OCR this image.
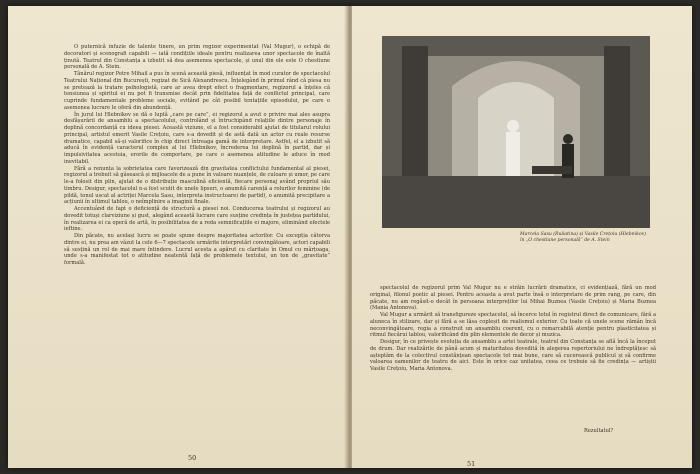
O puternică infuzie de talente tinere, un prim regizor experimentat (Val Mugur), o echipă de decoratori și scenografi capabili — iată condițiile ideale pentru realizarea unor spectacole de înaltă ținută. Teatrul din Constanța a izbutit să dea asemenea spectacole, și unul din ele este O chestiune personală de A. Stein.

Tânărul regizor Petre Mihail a pus în scenă această piesă, influențat în mod curator de spectacolul Teatrului Național din București, regizat de Sică Alexandrescu. Înțelegând în primul rând că piesa nu se pretează la tratare psihologistă, care ar avea drept efect o fragmentare, regizorul a înțeles că tensiunea și spiritul ei nu pot fi transmise decât prin fidelitatea față de conflictul principal, care cuprinde fundamentale probleme sociale, evitând pe cât posibil tentațiile episodului, pe care o asemenea lucrare le oferă din abundență.

În jurul lui Hlebnikov se dă o luptă „care pe care”, ei regizorul a avut o privire mai ales asupra desfășurării de ansamblu a spectacolului, controlând și întruchipând relațiile dintre personaje în deplină concordanță cu ideea piesei. Această viziune, el a fost considerabil ajutat de titularul rolului principal, artistul emerit Vasile Crețoiu, care s-a dovedit și de astă dată un actor cu reale resurse dramatice, capabil să-și valorifice în chip direct întreaga gamă de interpretare. Astfel, el a izbutit să aducă în evidență caracterul complex al lui Hlebnikov, încrederea lui deplină în partid, dar și impulsivitatea acestuia, erorile de comportare, pe care o asemenea atitudine le aduce în mod inevitabil.

Fără a renunța la sobrietatea care favorizează din gravitatea conflictului fundamental al piesei, regizorul a trebuit să găsească și mijloacele de a pune în valoare nuanțele, de culoare și umor, pe care le-a folosit din plin, ajutat de o distribuție masculină eficientă, fiecare personaj având propriul său timbru. Desigur, spectacolul n-a fost scutit de unele lipsuri, o anumită carență a rolurilor feminine (de pildă, tonul uscat al actriței Marcela Sasu, interpreta instructoarei de partid), o anumită precipitare a acțiunii în ultimul tablou, o neîmplinire a imaginii finale.

Accentuând de fapt o deficiență de structură a piesei noi. Conducerea teatrului și regizorul au dovedit totuși clarviziune și gust, alegând această lucrare care susține credința în justețea partidului, în realizarea ei ca operă de artă, în posibilitatea de a reda semnificațiile ei majore, eliminând efectele ieftine.

Din păcate, nu același lucru se poate spune despre majoritatea actorilor. Cu excepția câtorva dintre ei, nu prea am văzut la cele 6—7 spectacole urmărite interpretări convingătoare, actori capabili să susțină un rol de mai mare întindere. Lucrul acesta a apărut cu claritate în Omul cu mârțoaga, unde s-a manifestat tot o atitudine neatentă față de problemele textului, un ton de „gravitate” formală.

50
Marcela Sasu (Ruliatina) și Vasile Crețoiu (Hlebnikov) în „O chestiune personală” de A. Stein

spectacolul de regizorul prim Val Mugur nu e străin lucrării dramatice, ci evidențiază, fără un mod original, filonul poetic al piesei. Pentru aceasta a avut parte însă o interpretare de prim rang, pe care, din păcate, nu am regăsit-o decât în persoana interpreților lui Mihai Buznea (Vasile Crețoiu) și Maria Buznea (Mania Antonova).

Val Mugur a urmărit să transfigureze spectacolul, să încerce totul în registrul direct de comunicare, fără a aluneca în stilizare, dar și fără a se lăsa copleșit de realismul exterior. Cu toate că unele scene rămân încă neconvingătoare, regia a construit un ansamblu coerent, cu o remarcabilă atenție pentru plasticitatea și ritmul fiecărui tablou, valorificând din plin elementele de decor și muzica.

Desigur, în ce privește evoluția de ansamblu a artei teatrale, teatrul din Constanța se află încă la început de drum. Dar realizările de până acum și maturitatea dovedită în alegerea repertoriului ne îndreptățesc să așteptăm de la colectivul constănțean spectacole tot mai bune, care să cucerească publicul și să confirme valoarea oamenilor de teatru de aici. Este în orice caz unitatea, ceea ce trebuie să fie credința — artiștii Vasile Crețoiu, Maria Antonova.

Rezultatul?
51
